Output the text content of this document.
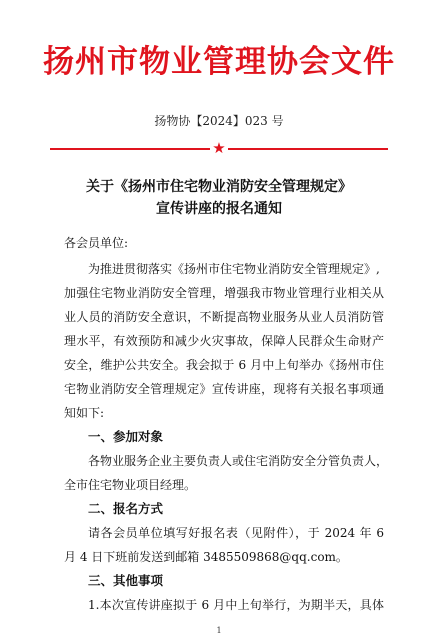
扬州市物业管理协会文件
扬物协【2024】023 号
★
关于《扬州市住宅物业消防安全管理规定》
宣传讲座的报名通知
各会员单位:
为推进贯彻落实《扬州市住宅物业消防安全管理规定》,
加强住宅物业消防安全管理，增强我市物业管理行业相关从
业人员的消防安全意识，不断提高物业服务从业人员消防管
理水平，有效预防和减少火灾事故，保障人民群众生命财产
安全，维护公共安全。我会拟于 6 月中上旬举办《扬州市住
宅物业消防安全管理规定》宣传讲座，现将有关报名事项通
知如下:
一、参加对象
各物业服务企业主要负责人或住宅消防安全分管负责人，
全市住宅物业项目经理。
二、报名方式
请各会员单位填写好报名表（见附件），于 2024 年 6
月 4 日下班前发送到邮箱 3485509868@qq.com。
三、其他事项
1.本次宣传讲座拟于 6 月中上旬举行，为期半天，具体
1
